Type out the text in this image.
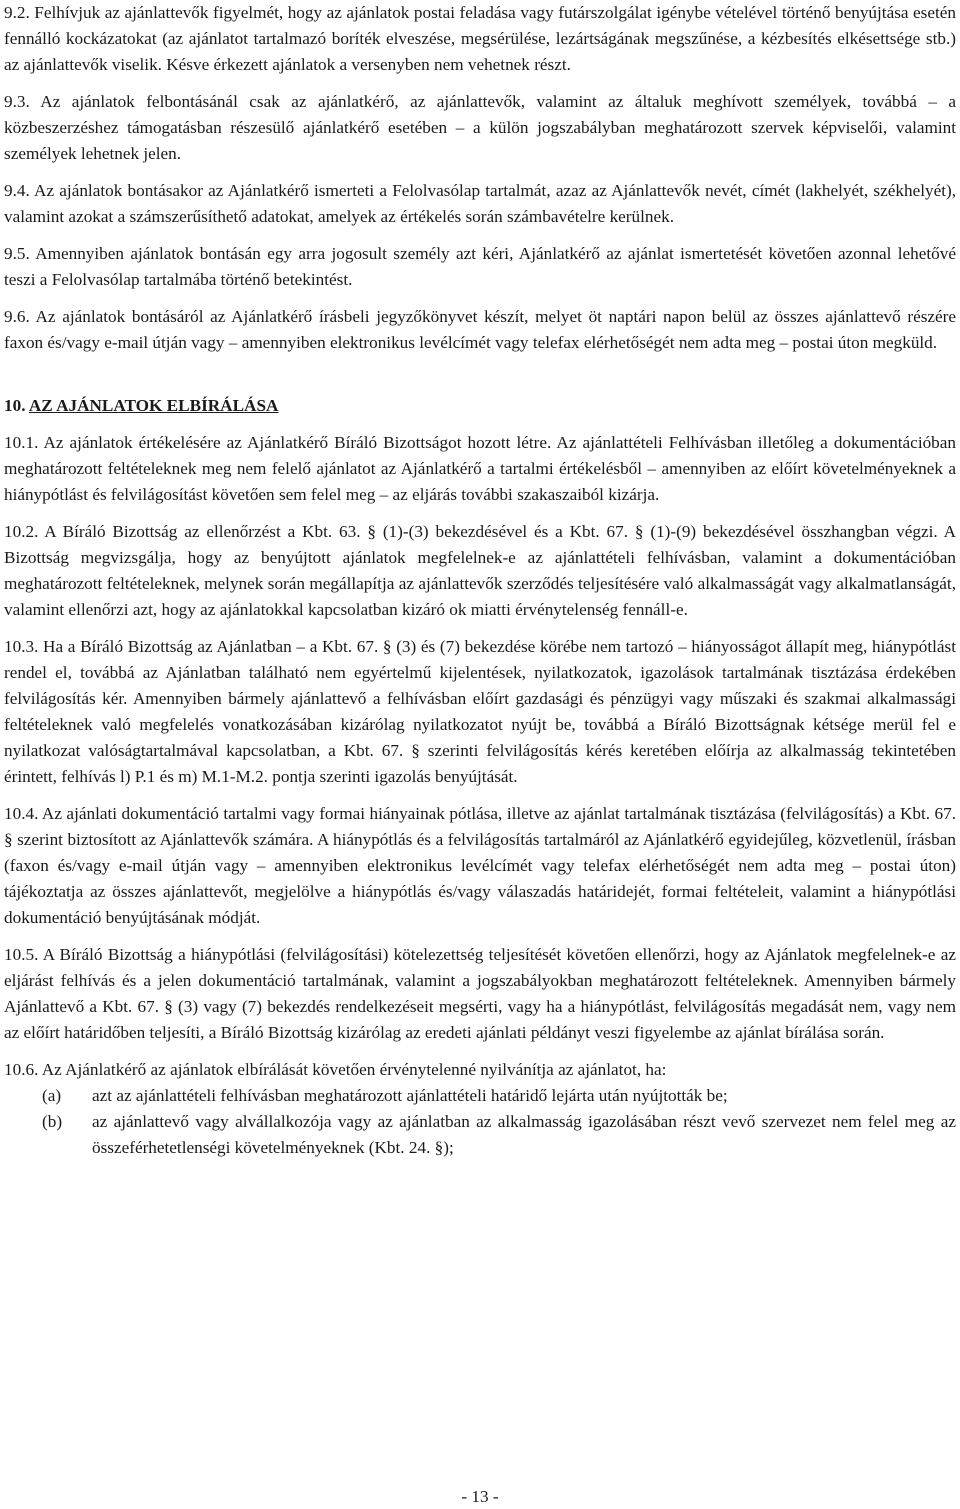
9.2. Felhívjuk az ajánlattevők figyelmét, hogy az ajánlatok postai feladása vagy futárszolgálat igénybe vételével történő benyújtása esetén fennálló kockázatokat (az ajánlatot tartalmazó boríték elveszése, megsérülése, lezártságának megszűnése, a kézbesítés elkésettsége stb.) az ajánlattevők viselik. Késve érkezett ajánlatok a versenyben nem vehetnek részt.

9.3. Az ajánlatok felbontásánál csak az ajánlatkérő, az ajánlattevők, valamint az általuk meghívott személyek, továbbá – a közbeszerzéshez támogatásban részesülő ajánlatkérő esetében – a külön jogszabályban meghatározott szervek képviselői, valamint személyek lehetnek jelen.

9.4. Az ajánlatok bontásakor az Ajánlatkérő ismerteti a Felolvasólap tartalmát, azaz az Ajánlattevők nevét, címét (lakhelyét, székhelyét), valamint azokat a számszerűsíthető adatokat, amelyek az értékelés során számbavételre kerülnek.

9.5. Amennyiben ajánlatok bontásán egy arra jogosult személy azt kéri, Ajánlatkérő az ajánlat ismertetését követően azonnal lehetővé teszi a Felolvasólap tartalmába történő betekintést.

9.6. Az ajánlatok bontásáról az Ajánlatkérő írásbeli jegyzőkönyvet készít, melyet öt naptári napon belül az összes ajánlattevő részére faxon és/vagy e-mail útján vagy – amennyiben elektronikus levélcímét vagy telefax elérhetőségét nem adta meg – postai úton megküld.

10. AZ AJÁNLATOK ELBÍRÁLÁSA

10.1. Az ajánlatok értékelésére az Ajánlatkérő Bíráló Bizottságot hozott létre. Az ajánlattételi Felhívásban illetőleg a dokumentációban meghatározott feltételeknek meg nem felelő ajánlatot az Ajánlatkérő a tartalmi értékelésből – amennyiben az előírt követelményeknek a hiánypótlást és felvilágosítást követően sem felel meg – az eljárás további szakaszaiból kizárja.

10.2. A Bíráló Bizottság az ellenőrzést a Kbt. 63. § (1)-(3) bekezdésével és a Kbt. 67. § (1)-(9) bekezdésével összhangban végzi. A Bizottság megvizsgálja, hogy az benyújtott ajánlatok megfelelnek-e az ajánlattételi felhívásban, valamint a dokumentációban meghatározott feltételeknek, melynek során megállapítja az ajánlattevők szerződés teljesítésére való alkalmasságát vagy alkalmatlanságát, valamint ellenőrzi azt, hogy az ajánlatokkal kapcsolatban kizáró ok miatti érvénytelenség fennáll-e.

10.3. Ha a Bíráló Bizottság az Ajánlatban – a Kbt. 67. § (3) és (7) bekezdése körébe nem tartozó – hiányosságot állapít meg, hiánypótlást rendel el, továbbá az Ajánlatban található nem egyértelmű kijelentések, nyilatkozatok, igazolások tartalmának tisztázása érdekében felvilágosítás kér. Amennyiben bármely ajánlattevő a felhívásban előírt gazdasági és pénzügyi vagy műszaki és szakmai alkalmassági feltételeknek való megfelelés vonatkozásában kizárólag nyilatkozatot nyújt be, továbbá a Bíráló Bizottságnak kétsége merül fel e nyilatkozat valóságtartalmával kapcsolatban, a Kbt. 67. § szerinti felvilágosítás kérés keretében előírja az alkalmasság tekintetében érintett, felhívás l) P.1 és m) M.1-M.2. pontja szerinti igazolás benyújtását.

10.4. Az ajánlati dokumentáció tartalmi vagy formai hiányainak pótlása, illetve az ajánlat tartalmának tisztázása (felvilágosítás) a Kbt. 67. § szerint biztosított az Ajánlattevők számára. A hiánypótlás és a felvilágosítás tartalmáról az Ajánlatkérő egyidejűleg, közvetlenül, írásban (faxon és/vagy e-mail útján vagy – amennyiben elektronikus levélcímét vagy telefax elérhetőségét nem adta meg – postai úton) tájékoztatja az összes ajánlattevőt, megjelölve a hiánypótlás és/vagy válaszadás határidejét, formai feltételeit, valamint a hiánypótlási dokumentáció benyújtásának módját.

10.5. A Bíráló Bizottság a hiánypótlási (felvilágosítási) kötelezettség teljesítését követően ellenőrzi, hogy az Ajánlatok megfelelnek-e az eljárást felhívás és a jelen dokumentáció tartalmának, valamint a jogszabályokban meghatározott feltételeknek. Amennyiben bármely Ajánlattevő a Kbt. 67. § (3) vagy (7) bekezdés rendelkezéseit megsérti, vagy ha a hiánypótlást, felvilágosítás megadását nem, vagy nem az előírt határidőben teljesíti, a Bíráló Bizottság kizárólag az eredeti ajánlati példányt veszi figyelembe az ajánlat bírálása során.

10.6. Az Ajánlatkérő az ajánlatok elbírálását követően érvénytelenné nyilvánítja az ajánlatot, ha:

(a) azt az ajánlattételi felhívásban meghatározott ajánlattételi határidő lejárta után nyújtották be;

(b) az ajánlattevő vagy alvállalkozója vagy az ajánlatban az alkalmasság igazolásában részt vevő szervezet nem felel meg az összeférhetetlenségi követelményeknek (Kbt. 24. §);

- 13 -
